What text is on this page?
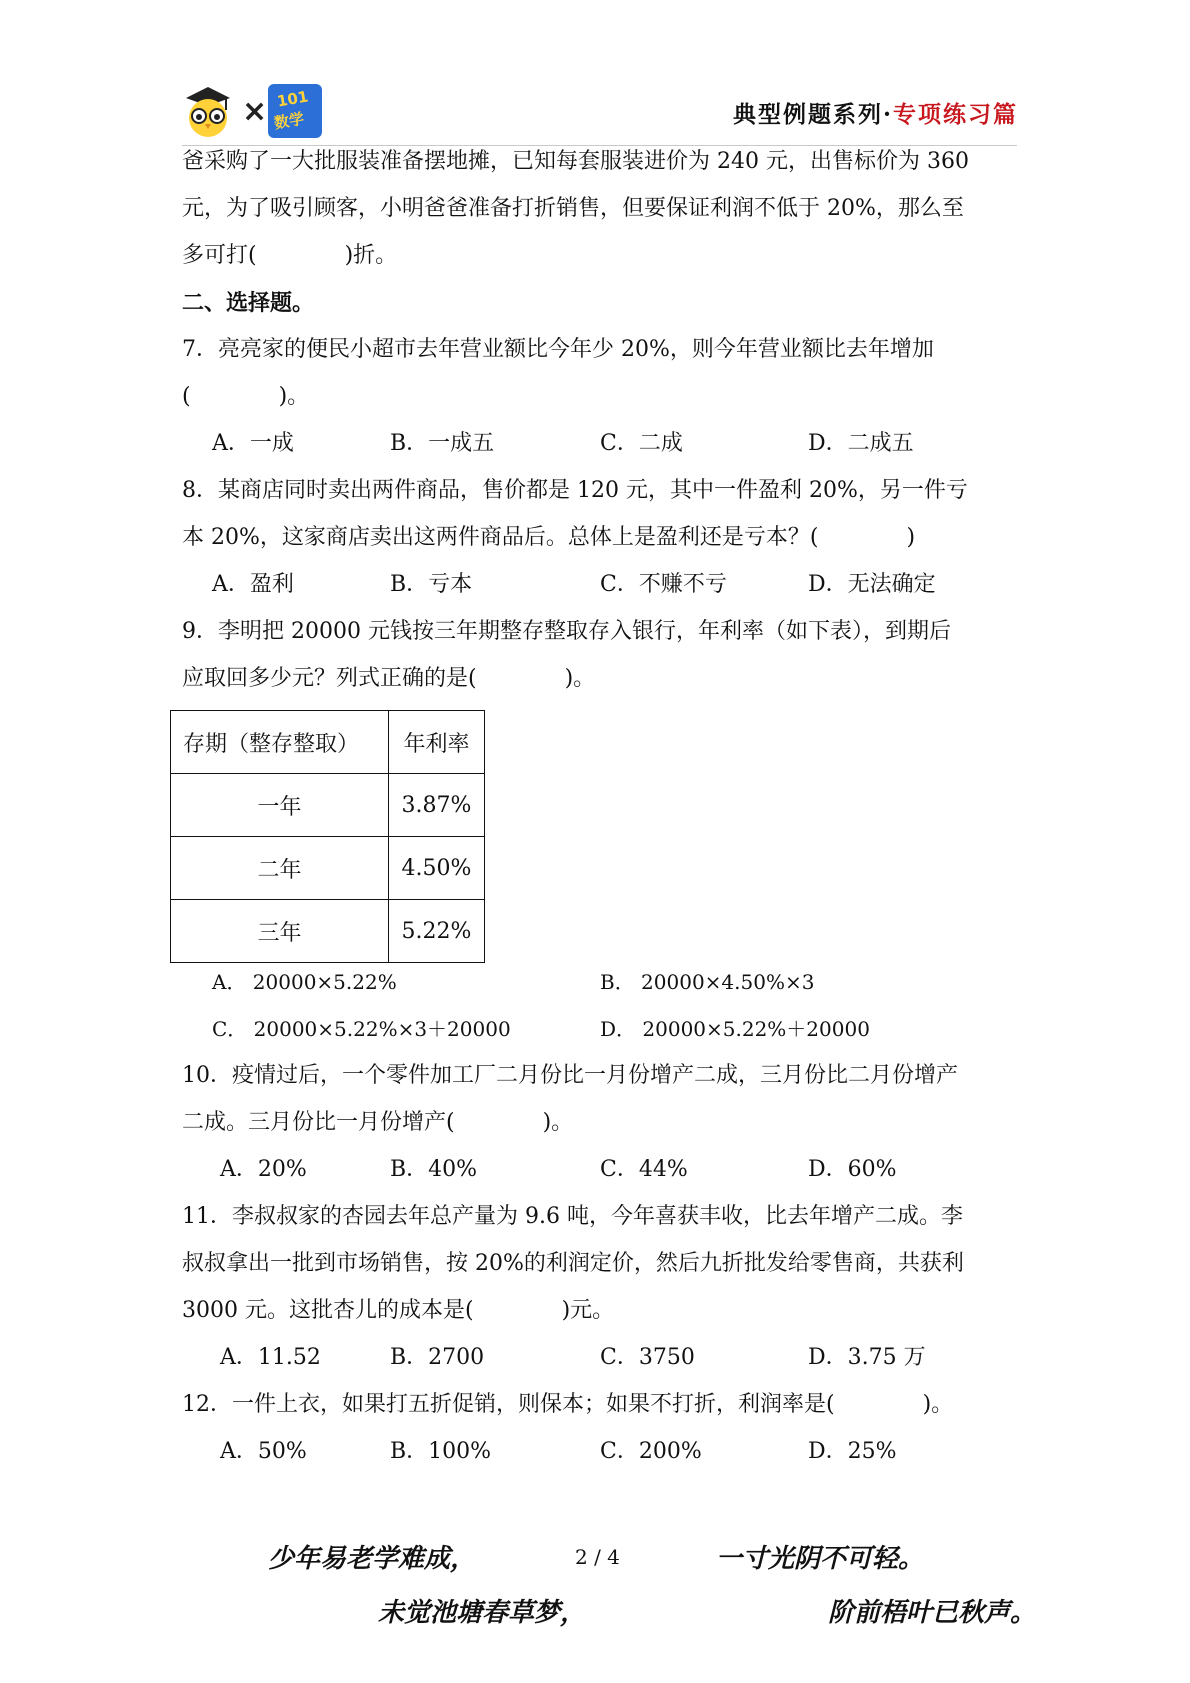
× 101
数学	典型例题系列·专项练习篇
爸采购了一大批服装准备摆地摊，已知每套服装进价为 240 元，出售标价为 360
元，为了吸引顾客，小明爸爸准备打折销售，但要保证利润不低于 20%，那么至
多可打(　　　　)折。
二、选择题。
7．亮亮家的便民小超市去年营业额比今年少 20%，则今年营业额比去年增加
(　　　　)。
A．一成	B．一成五	C．二成	D．二成五
8．某商店同时卖出两件商品，售价都是 120 元，其中一件盈利 20%，另一件亏
本 20%，这家商店卖出这两件商品后。总体上是盈利还是亏本？(　　　　)
A．盈利	B．亏本	C．不赚不亏	D．无法确定
9．李明把 20000 元钱按三年期整存整取存入银行，年利率（如下表），到期后
应取回多少元？列式正确的是(　　　　)。
存期（整存整取）	年利率
一年	3.87%
二年	4.50%
三年	5.22%
A． 20000×5.22%	B． 20000×4.50%×3
C． 20000×5.22%×3＋20000	D． 20000×5.22%＋20000
10．疫情过后，一个零件加工厂二月份比一月份增产二成，三月份比二月份增产
二成。三月份比一月份增产(　　　　)。
A．20%	B．40%	C．44%	D．60%
11．李叔叔家的杏园去年总产量为 9.6 吨，今年喜获丰收，比去年增产二成。李
叔叔拿出一批到市场销售，按 20%的利润定价，然后九折批发给零售商，共获利
3000 元。这批杏儿的成本是(　　　　)元。
A．11.52	B．2700	C．3750	D．3.75 万
12．一件上衣，如果打五折促销，则保本；如果不打折，利润率是(　　　　)。
A．50%	B．100%	C．200%	D．25%
少年易老学难成，	2 / 4	一寸光阴不可轻。
未觉池塘春草梦，	阶前梧叶已秋声。
